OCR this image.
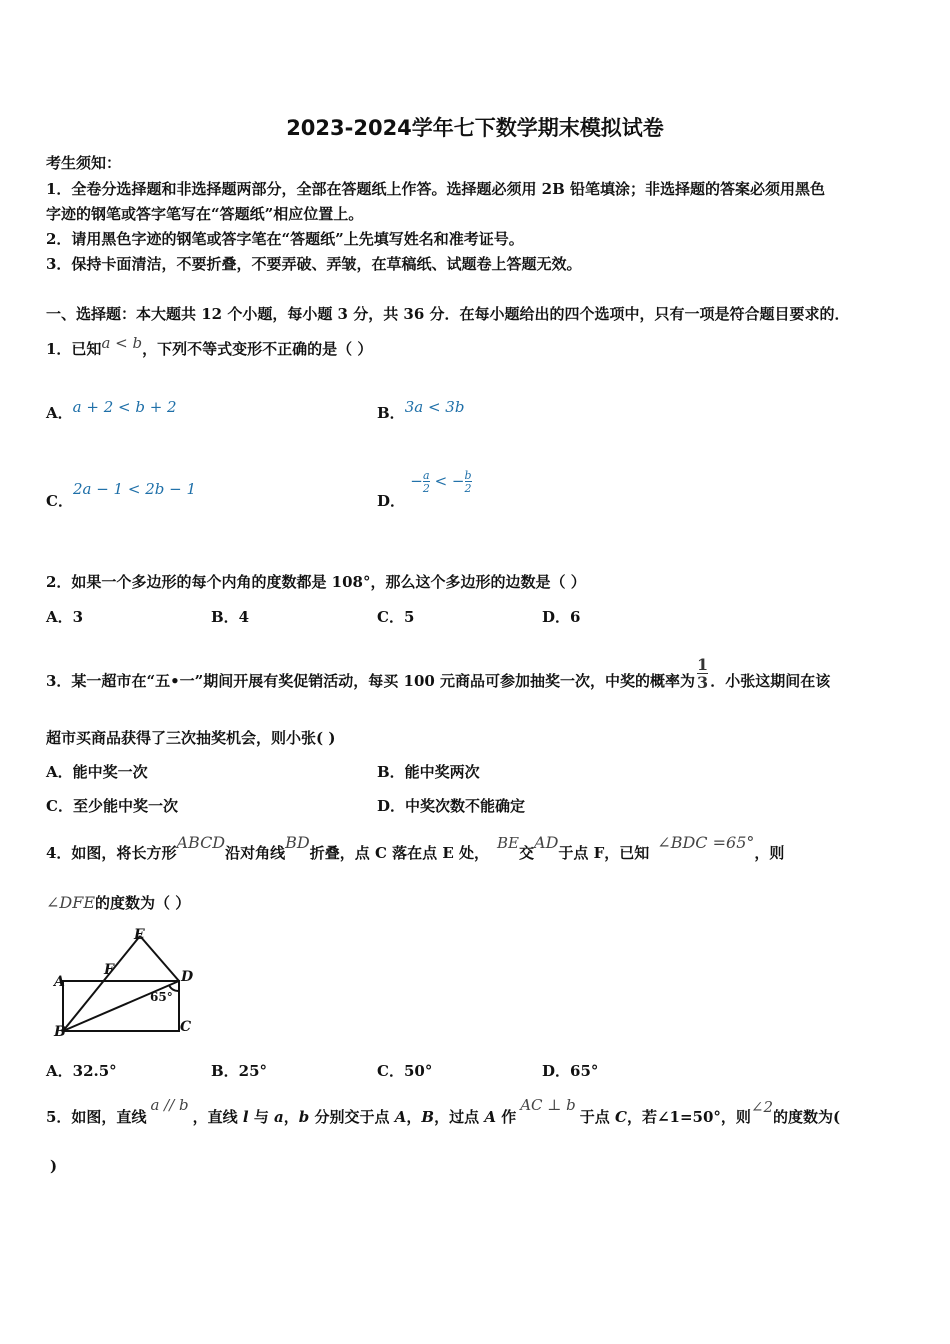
2023-2024学年七下数学期末模拟试卷
考生须知：
1．全卷分选择题和非选择题两部分，全部在答题纸上作答。选择题必须用 2B 铅笔填涂；非选择题的答案必须用黑色
字迹的钢笔或答字笔写在“答题纸”相应位置上。
2．请用黑色字迹的钢笔或答字笔在“答题纸”上先填写姓名和准考证号。
3．保持卡面清洁，不要折叠，不要弄破、弄皱，在草稿纸、试题卷上答题无效。
一、选择题：本大题共 12 个小题，每小题 3 分，共 36 分．在每小题给出的四个选项中，只有一项是符合题目要求的．
1．已知a < b，下列不等式变形不正确的是（ ）
A．a + 2 < b + 2	B．3a < 3b
C．2a − 1 < 2b − 1
D． − $\frac{a}{2}$ < − $\frac{b}{2}$
2．如果一个多边形的每个内角的度数都是 108°，那么这个多边形的边数是（ ）
A．3	B．4	C．5	D．6
3．某一超市在“五•一”期间开展有奖促销活动，每买 100 元商品可参加抽奖一次，中奖的概率为 $\frac{1}{3}$ ．小张这期间在该
超市买商品获得了三次抽奖机会，则小张( )
A．能中奖一次	B．能中奖两次
C．至少能中奖一次	D．中奖次数不能确定
4．如图，将长方形ABCD沿对角线BD折叠，点 C 落在点 E 处，BE交AD于点 F，已知∠BDC =65°，则
∠DFE的度数为（ ）
E
F
A	D
B	C
65°
A．32.5°	B．25°	C．50°	D．65°
5．如图，直线a // b，直线 l 与 a，b 分别交于点 A，B，过点 A 作AC ⊥ b于点 C，若∠1=50°，则∠2的度数为(
)
